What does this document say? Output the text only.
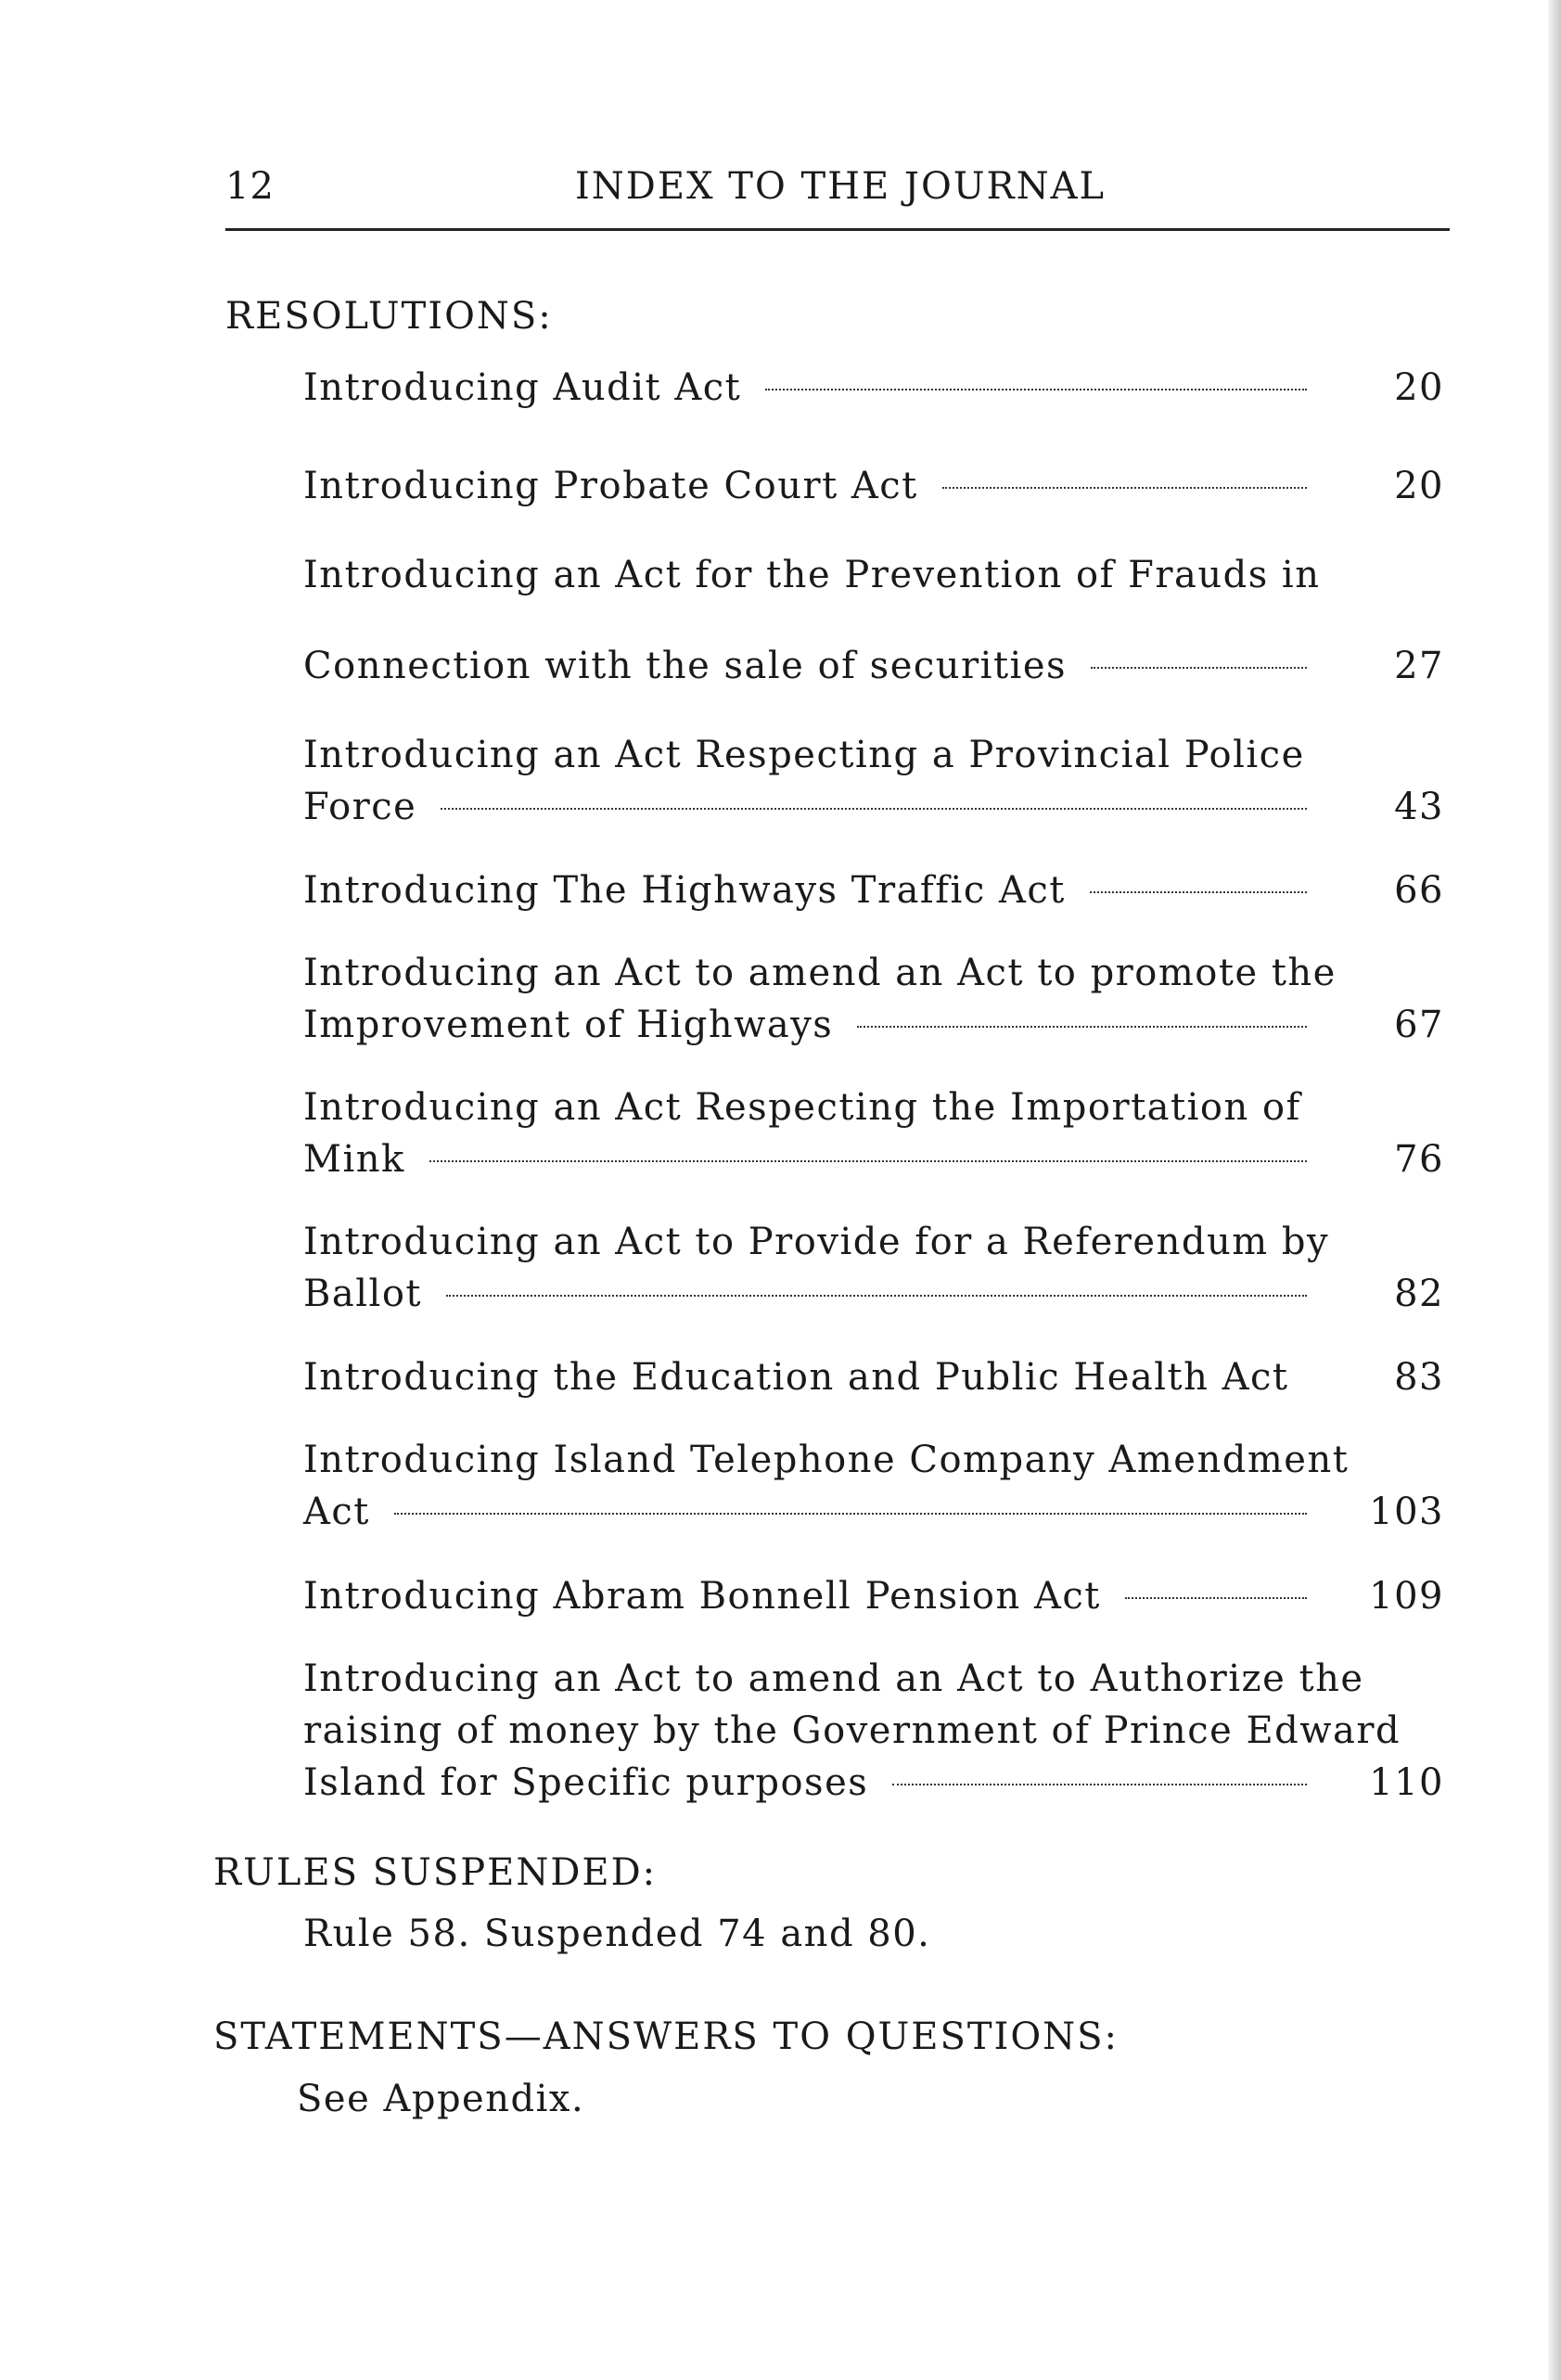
12	INDEX TO THE JOURNAL
RESOLUTIONS:
Introducing Audit Act	20
Introducing Probate Court Act	20
Introducing an Act for the Prevention of Frauds in
Connection with the sale of securities	27
Introducing an Act Respecting a Provincial Police
Force	43
Introducing The Highways Traffic Act	66
Introducing an Act to amend an Act to promote the
Improvement of Highways	67
Introducing an Act Respecting the Importation of
Mink	76
Introducing an Act to Provide for a Referendum by
Ballot	82
Introducing the Education and Public Health Act	83
Introducing Island Telephone Company Amendment
Act	103
Introducing Abram Bonnell Pension Act	109
Introducing an Act to amend an Act to Authorize the
raising of money by the Government of Prince Edward
Island for Specific purposes	110
RULES SUSPENDED:
Rule 58. Suspended 74 and 80.
STATEMENTS—ANSWERS TO QUESTIONS:
See Appendix.
